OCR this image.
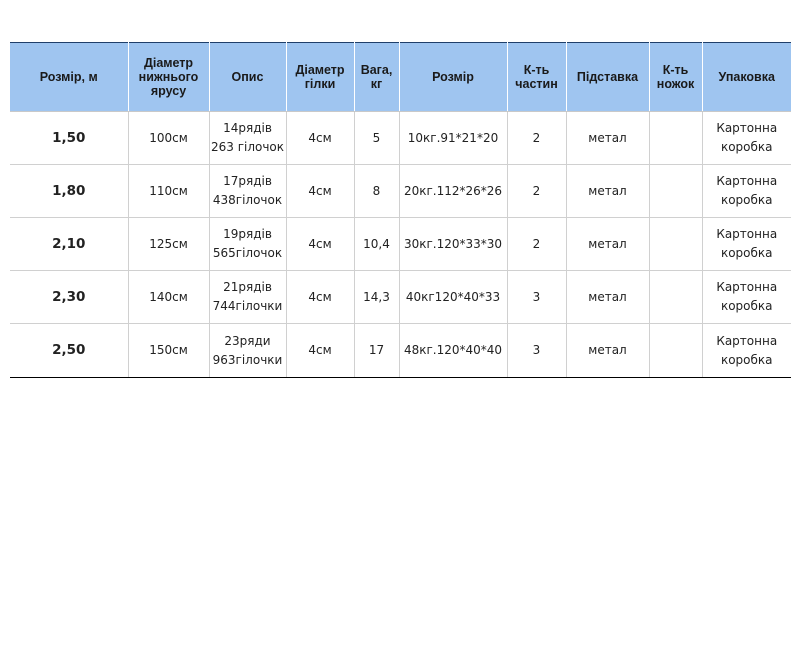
Розмір, м	Діаметр
нижнього
ярусу	Опис	Діаметр
гілки	Вага,
кг	Розмір	К-ть
частин	Підставка	К-ть
ножок	Упаковка
1,50	100см	14рядів
263 гілочок	4см	5	10кг.91*21*20	2	метал		Картонна
коробка

1,80	110см	17рядів
438гілочок	4см	8	20кг.112*26*26	2	метал		Картонна
коробка

2,10	125см	19рядів
565гілочок	4см	10,4	30кг.120*33*30	2	метал		Картонна
коробка

2,30	140см	21рядів
744гілочки	4см	14,3	40кг120*40*33	3	метал		Картонна
коробка

2,50	150см	23ряди
963гілочки	4см	17	48кг.120*40*40	3	метал		Картонна
коробка
